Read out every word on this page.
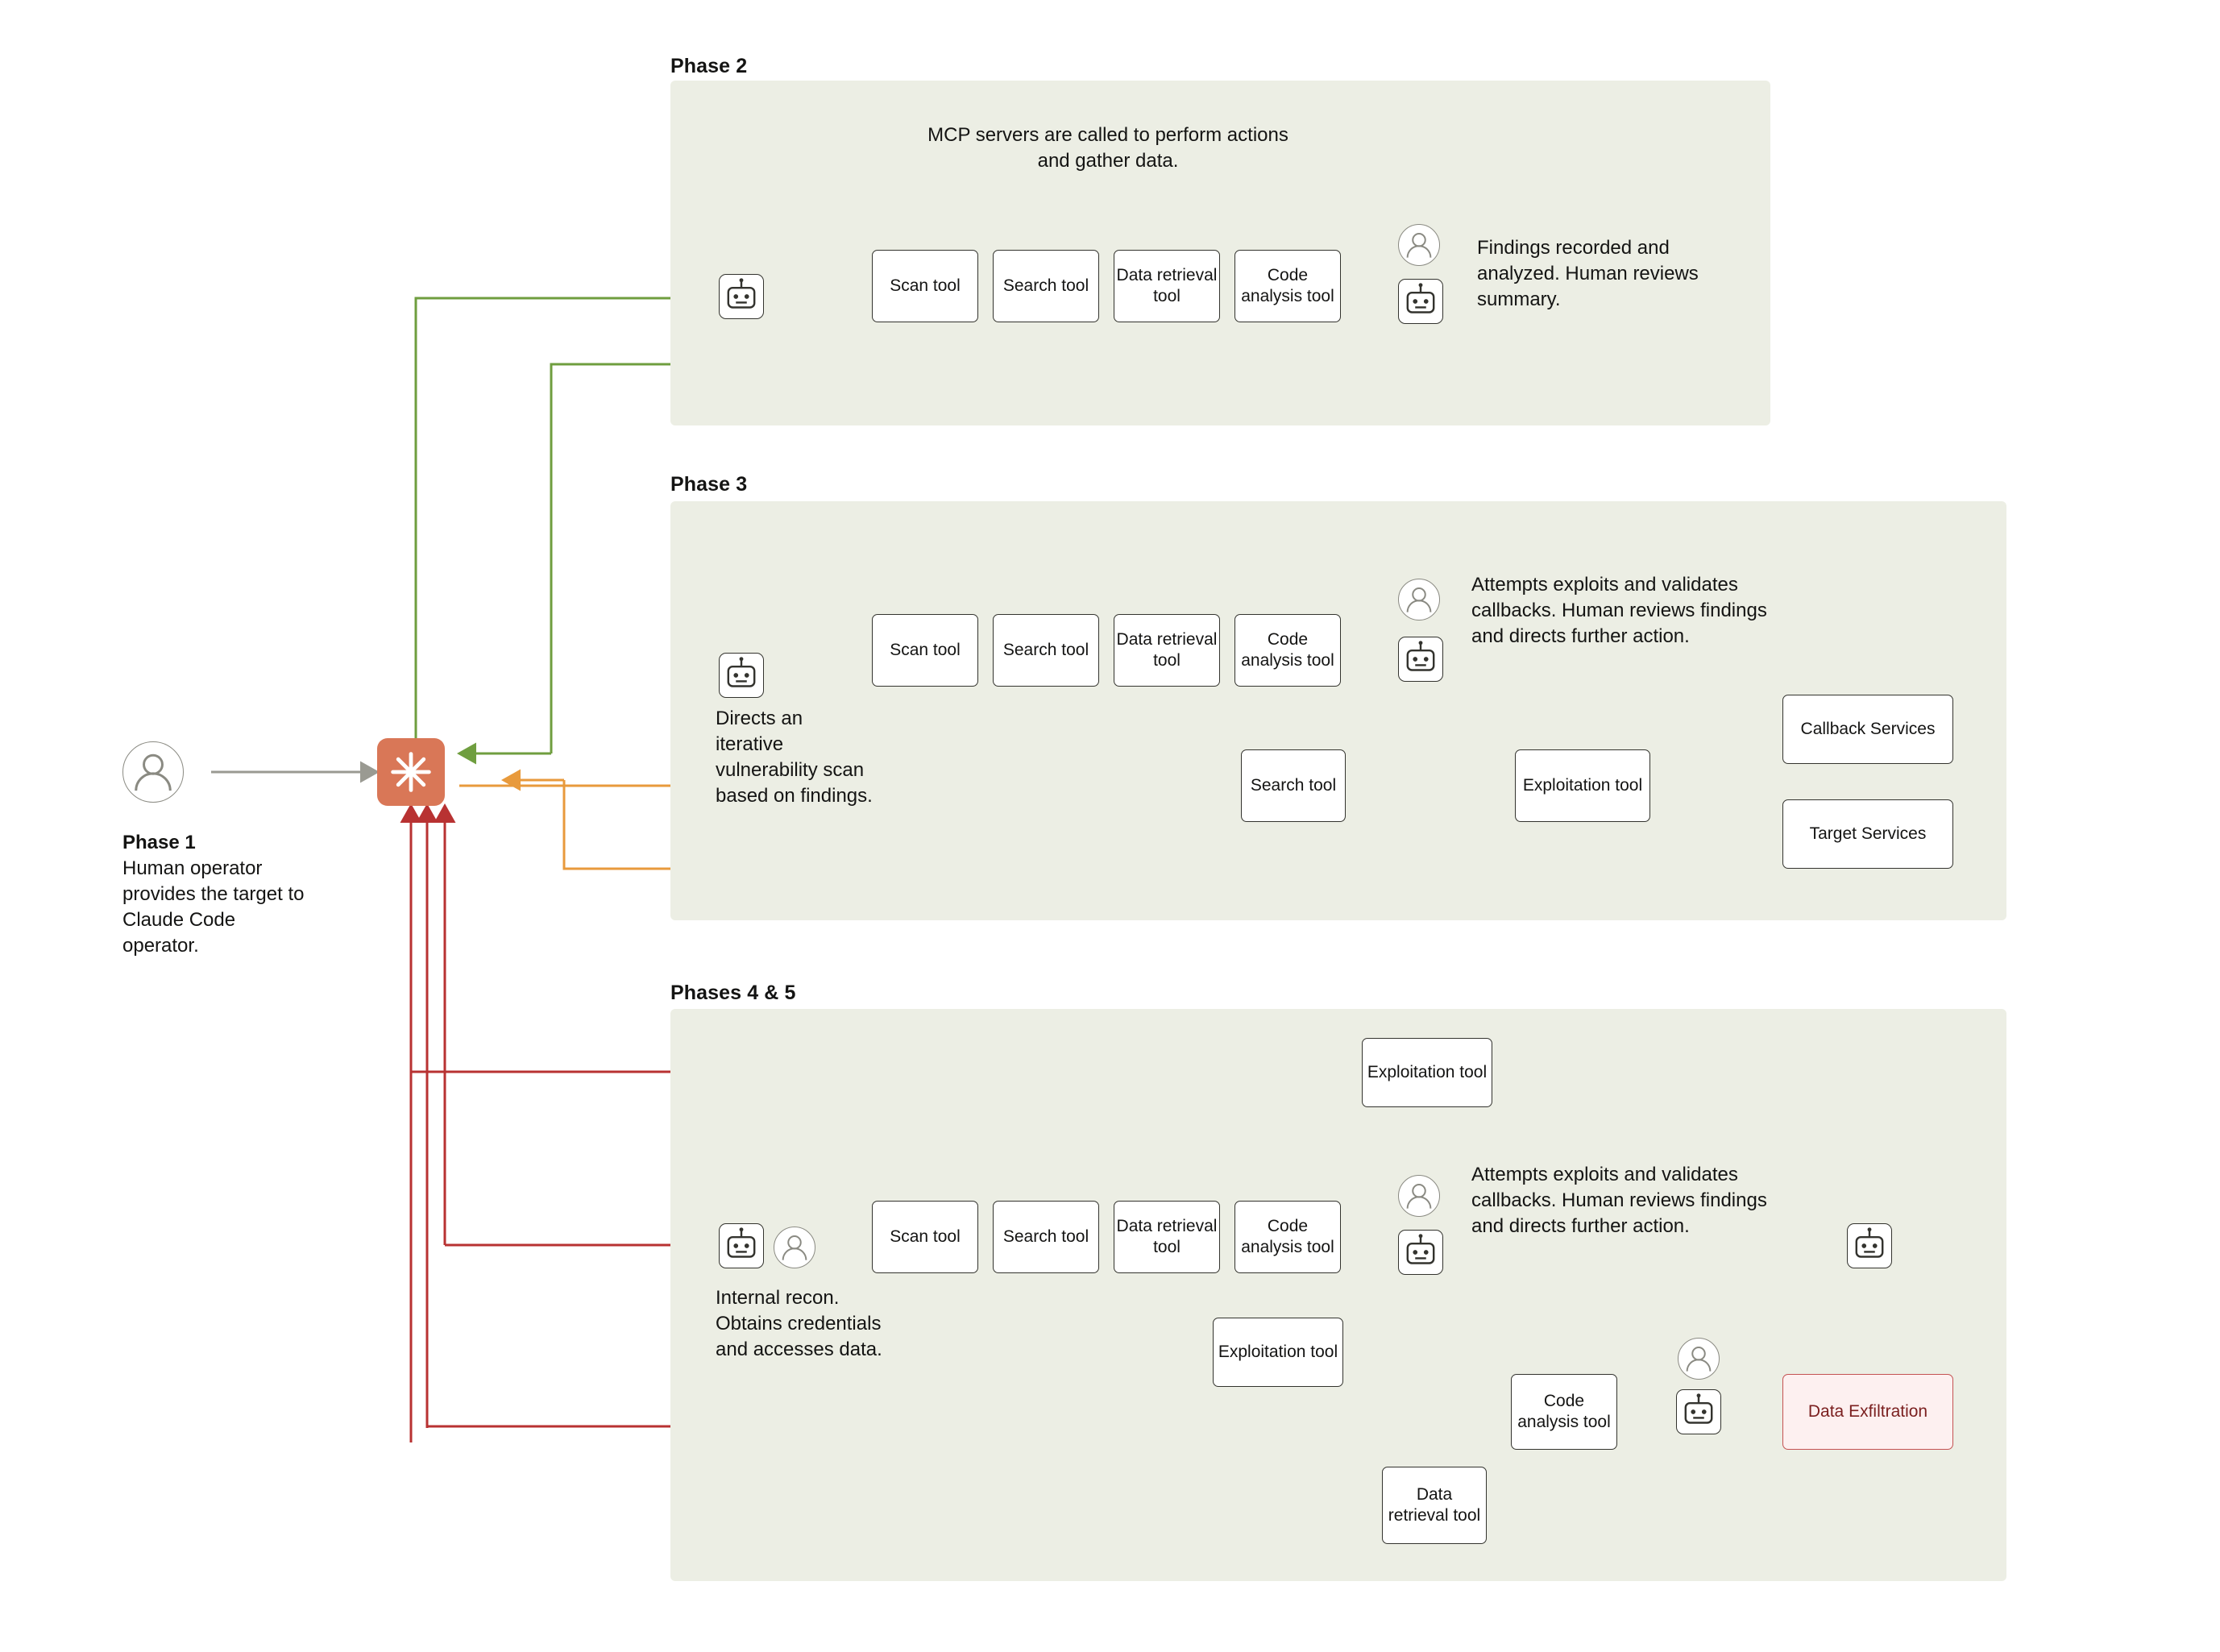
Phase 1
Human operator provides the target to Claude Code operator.
Phase 2
MCP servers are called to perform actions and gather data.
Scan tool	Search tool
Data retrieval tool
Code analysis tool
Findings recorded and analyzed. Human reviews summary.
Phase 3
Directs an iterative vulnerability scan based on findings.
Scan tool	Search tool
Data retrieval tool
Code analysis tool
Attempts exploits and validates callbacks. Human reviews findings and directs further action.
Search tool	Exploitation tool
Callback Services
Target Services
Phases 4 & 5
Exploitation tool
Internal recon. Obtains credentials and accesses data.
Scan tool	Search tool
Data retrieval tool
Code analysis tool
Attempts exploits and validates callbacks. Human reviews findings and directs further action.
Exploitation tool
Data retrieval tool
Code analysis tool
Data Exfiltration
